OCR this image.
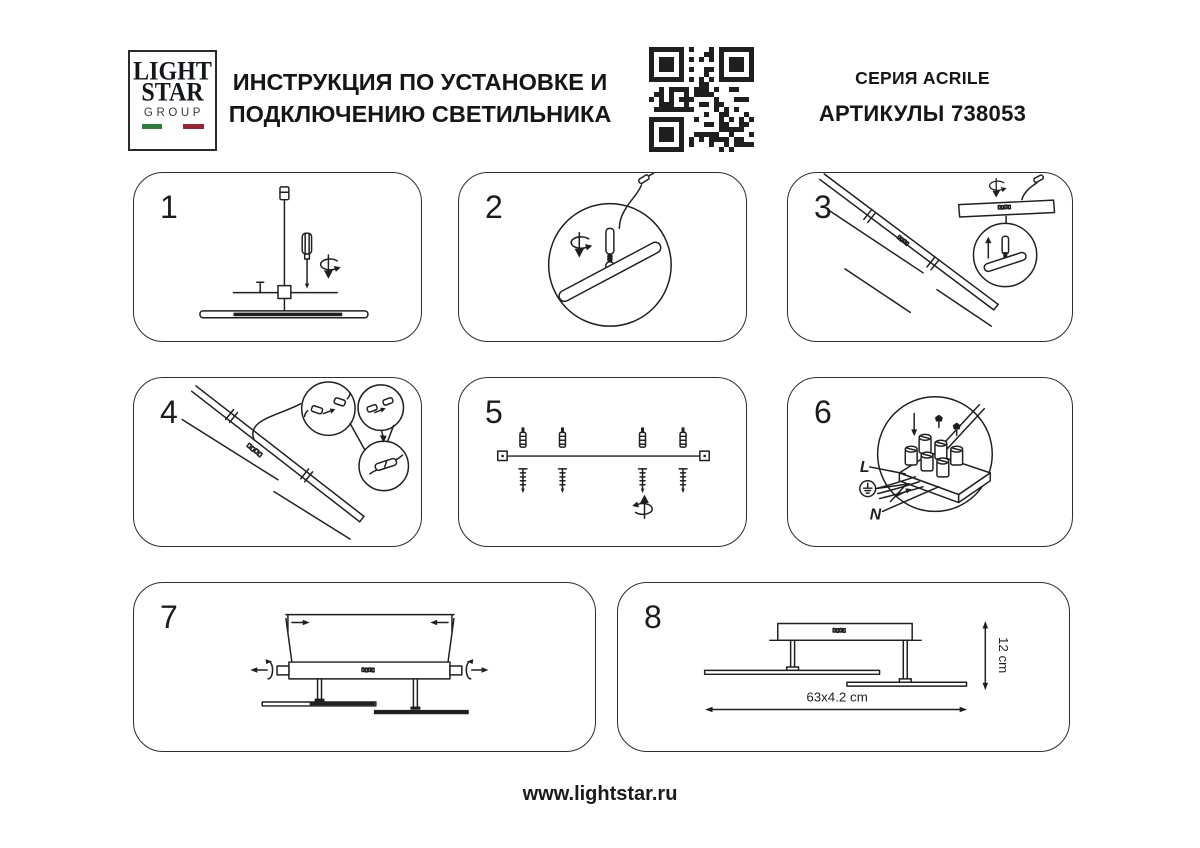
LIGHT
STAR
GROUP
ИНСТРУКЦИЯ ПО УСТАНОВКЕ И
ПОДКЛЮЧЕНИЮ СВЕТИЛЬНИКА
СЕРИЯ ACRILE
АРТИКУЛЫ 738053
1	2	3
4	5	6
L
N
7	8
12 cm
63x4.2 cm
www.lightstar.ru
